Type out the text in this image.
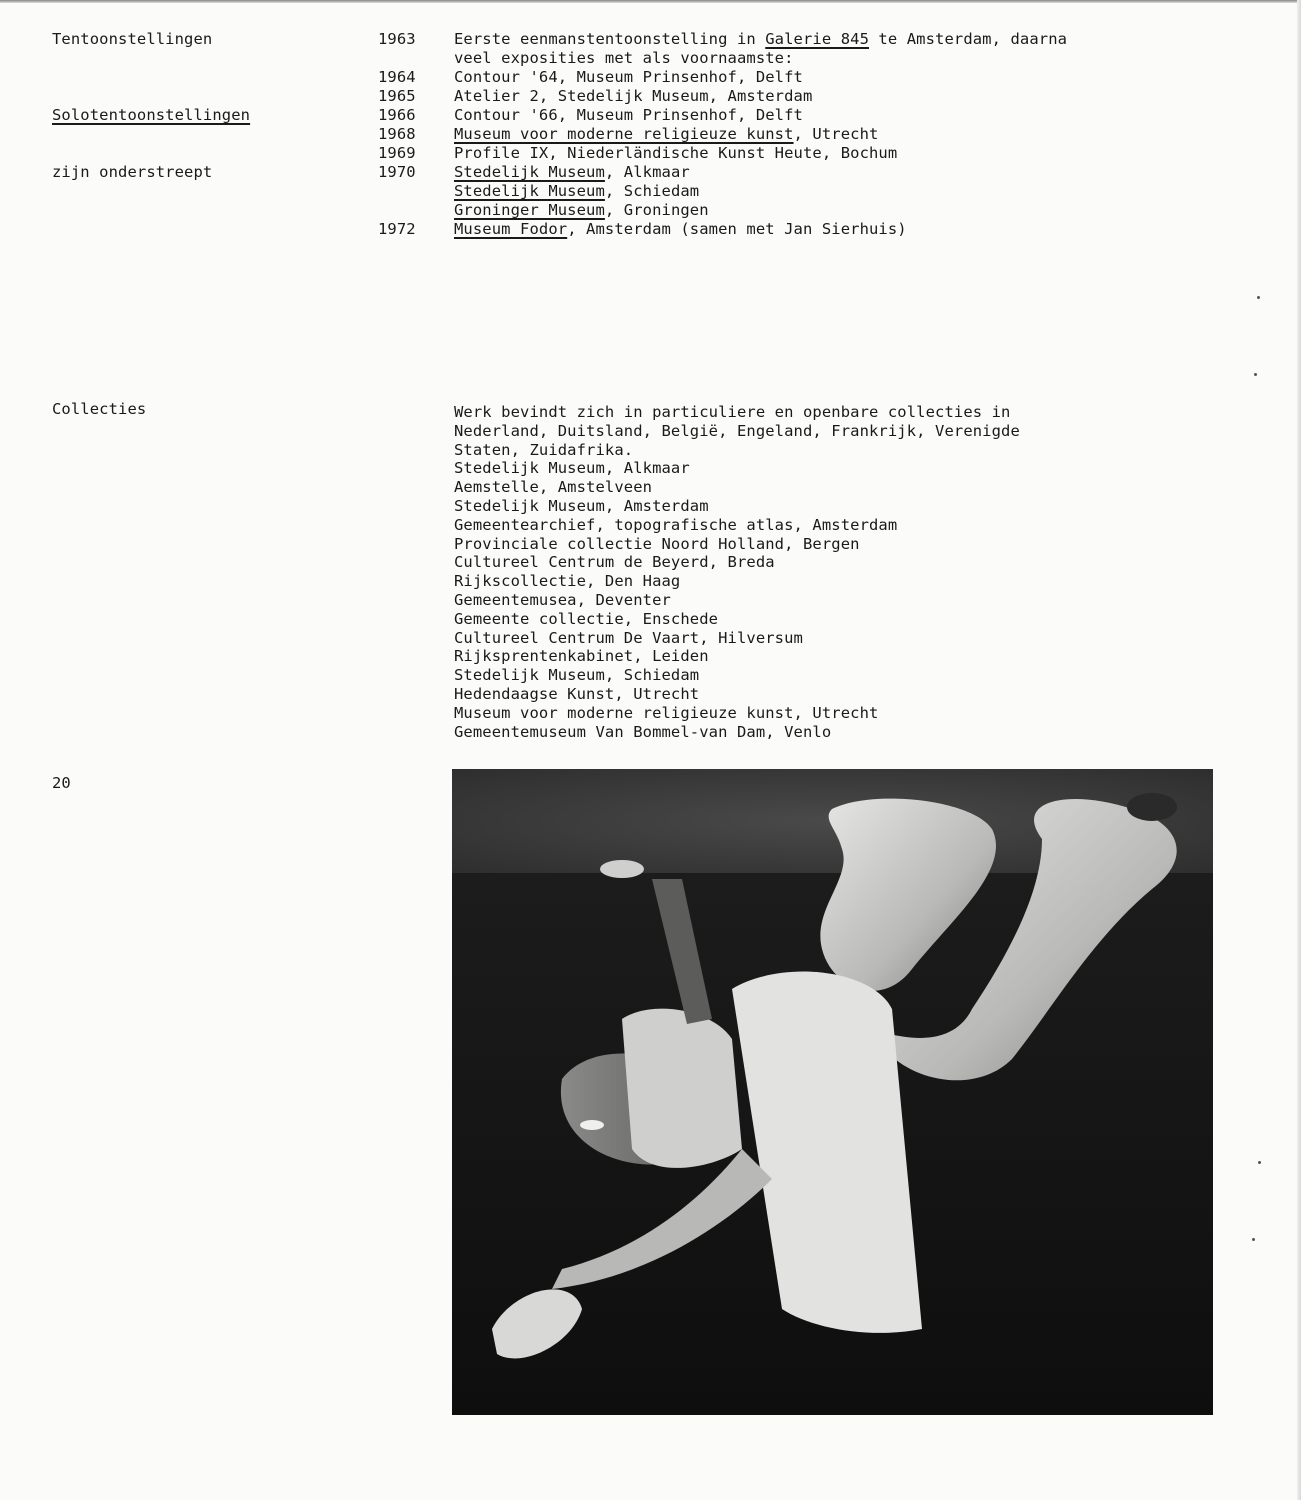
Tentoonstellingen

Solotentoonstellingen

zijn onderstreept

1963
1964
1965
1966
1968
1969
1970
1972
Eerste eenmanstentoonstelling in Galerie 845 te Amsterdam, daarna
veel exposities met als voornaamste:
Contour '64, Museum Prinsenhof, Delft
Atelier 2, Stedelijk Museum, Amsterdam
Contour '66, Museum Prinsenhof, Delft
Museum voor moderne religieuze kunst, Utrecht
Profile IX, Niederländische Kunst Heute, Bochum
Stedelijk Museum, Alkmaar
Stedelijk Museum, Schiedam
Groninger Museum, Groningen
Museum Fodor, Amsterdam (samen met Jan Sierhuis)
Collecties	Werk bevindt zich in particuliere en openbare collecties in
Nederland, Duitsland, België, Engeland, Frankrijk, Verenigde
Staten, Zuidafrika.
Stedelijk Museum, Alkmaar
Aemstelle, Amstelveen
Stedelijk Museum, Amsterdam
Gemeentearchief, topografische atlas, Amsterdam
Provinciale collectie Noord Holland, Bergen
Cultureel Centrum de Beyerd, Breda
Rijkscollectie, Den Haag
Gemeentemusea, Deventer
Gemeente collectie, Enschede
Cultureel Centrum De Vaart, Hilversum
Rijksprentenkabinet, Leiden
Stedelijk Museum, Schiedam
Hedendaagse Kunst, Utrecht
Museum voor moderne religieuze kunst, Utrecht
Gemeentemuseum Van Bommel-van Dam, Venlo
20
